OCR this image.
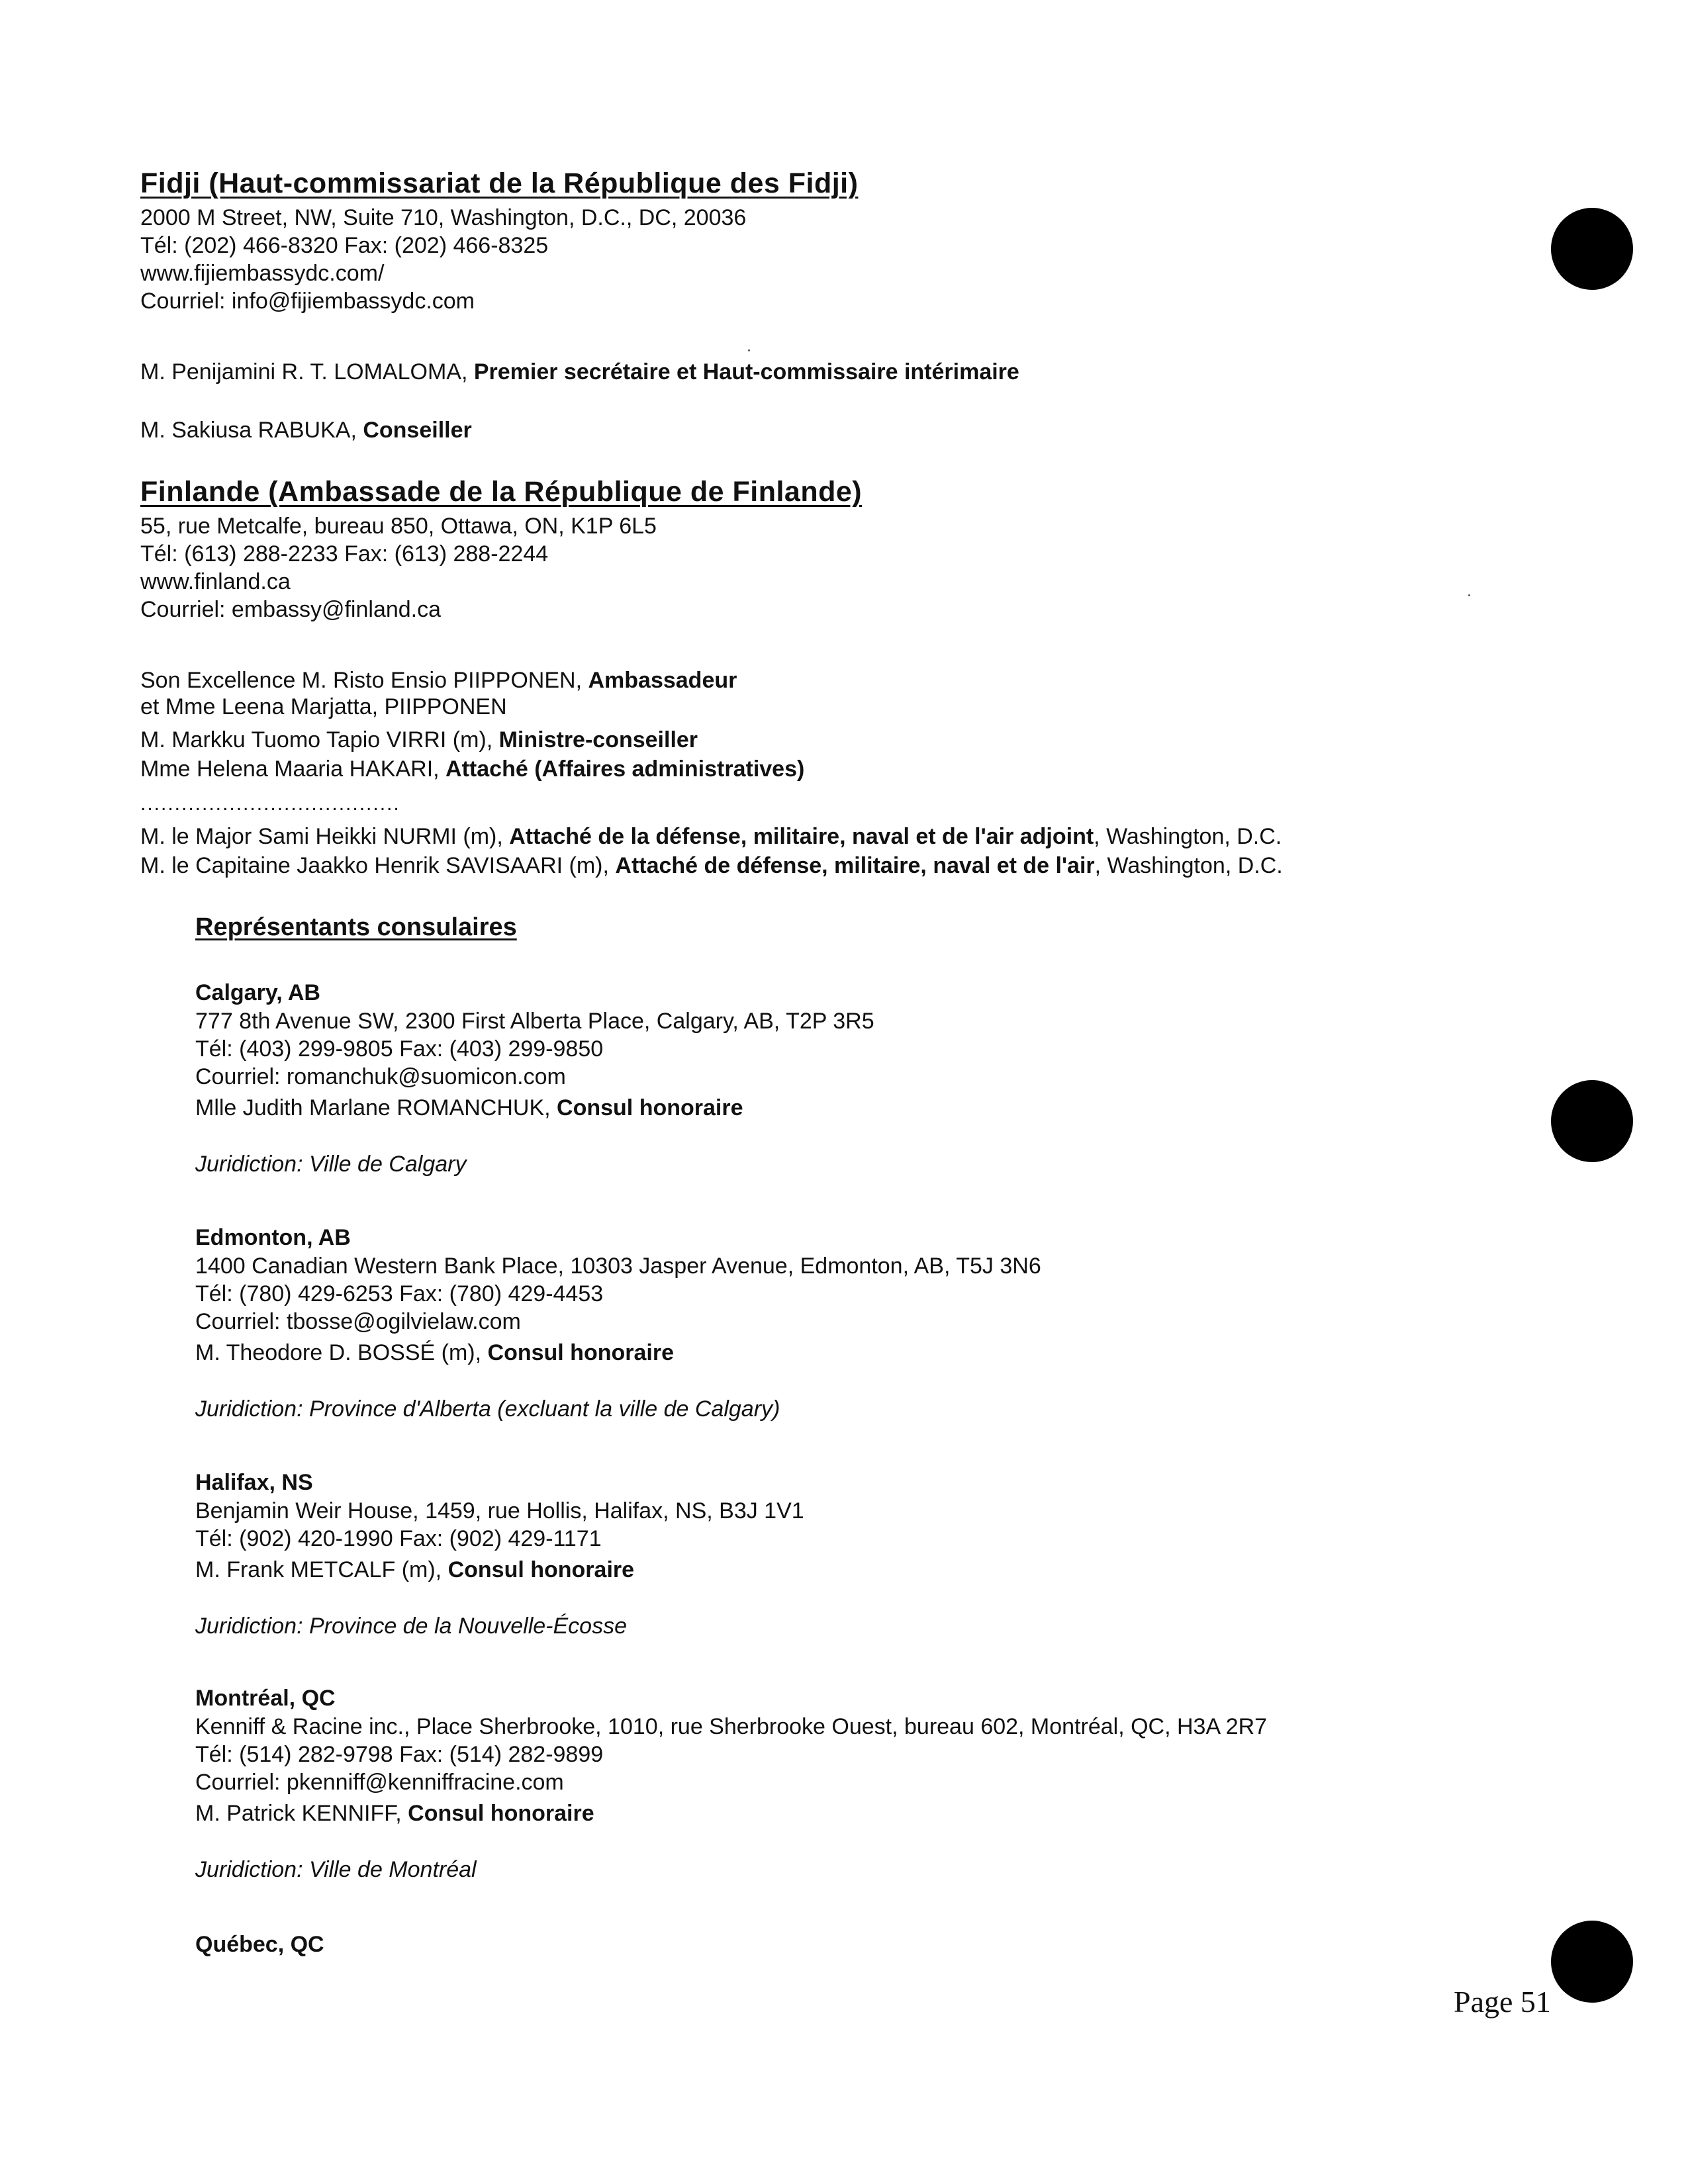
Fidji (Haut-commissariat de la République des Fidji)
2000 M Street, NW, Suite 710, Washington, D.C., DC, 20036
Tél: (202) 466-8320 Fax: (202) 466-8325
www.fijiembassydc.com/
Courriel: info@fijiembassydc.com
M. Penijamini R. T. LOMALOMA, Premier secrétaire et Haut-commissaire intérimaire
M. Sakiusa RABUKA, Conseiller
Finlande (Ambassade de la République de Finlande)
55, rue Metcalfe, bureau 850, Ottawa, ON, K1P 6L5
Tél: (613) 288-2233 Fax: (613) 288-2244
www.finland.ca
Courriel: embassy@finland.ca
Son Excellence M. Risto Ensio PIIPPONEN, Ambassadeur
et Mme Leena Marjatta, PIIPPONEN
M. Markku Tuomo Tapio VIRRI (m), Ministre-conseiller
Mme Helena Maaria HAKARI, Attaché (Affaires administratives)
......................................
M. le Major Sami Heikki NURMI (m), Attaché de la défense, militaire, naval et de l'air adjoint, Washington, D.C.
M. le Capitaine Jaakko Henrik SAVISAARI (m), Attaché de défense, militaire, naval et de l'air, Washington, D.C.
Représentants consulaires
Calgary, AB
777 8th Avenue SW, 2300 First Alberta Place, Calgary, AB, T2P 3R5
Tél: (403) 299-9805 Fax: (403) 299-9850
Courriel: romanchuk@suomicon.com
Mlle Judith Marlane ROMANCHUK, Consul honoraire
Juridiction: Ville de Calgary
Edmonton, AB
1400 Canadian Western Bank Place, 10303 Jasper Avenue, Edmonton, AB, T5J 3N6
Tél: (780) 429-6253 Fax: (780) 429-4453
Courriel: tbosse@ogilvielaw.com
M. Theodore D. BOSSÉ (m), Consul honoraire
Juridiction: Province d'Alberta (excluant la ville de Calgary)
Halifax, NS
Benjamin Weir House, 1459, rue Hollis, Halifax, NS, B3J 1V1
Tél: (902) 420-1990 Fax: (902) 429-1171
M. Frank METCALF (m), Consul honoraire
Juridiction: Province de la Nouvelle-Écosse
Montréal, QC
Kenniff & Racine inc., Place Sherbrooke, 1010, rue Sherbrooke Ouest, bureau 602, Montréal, QC, H3A 2R7
Tél: (514) 282-9798 Fax: (514) 282-9899
Courriel: pkenniff@kenniffracine.com
M. Patrick KENNIFF, Consul honoraire
Juridiction: Ville de Montréal
Québec, QC
Page 51
